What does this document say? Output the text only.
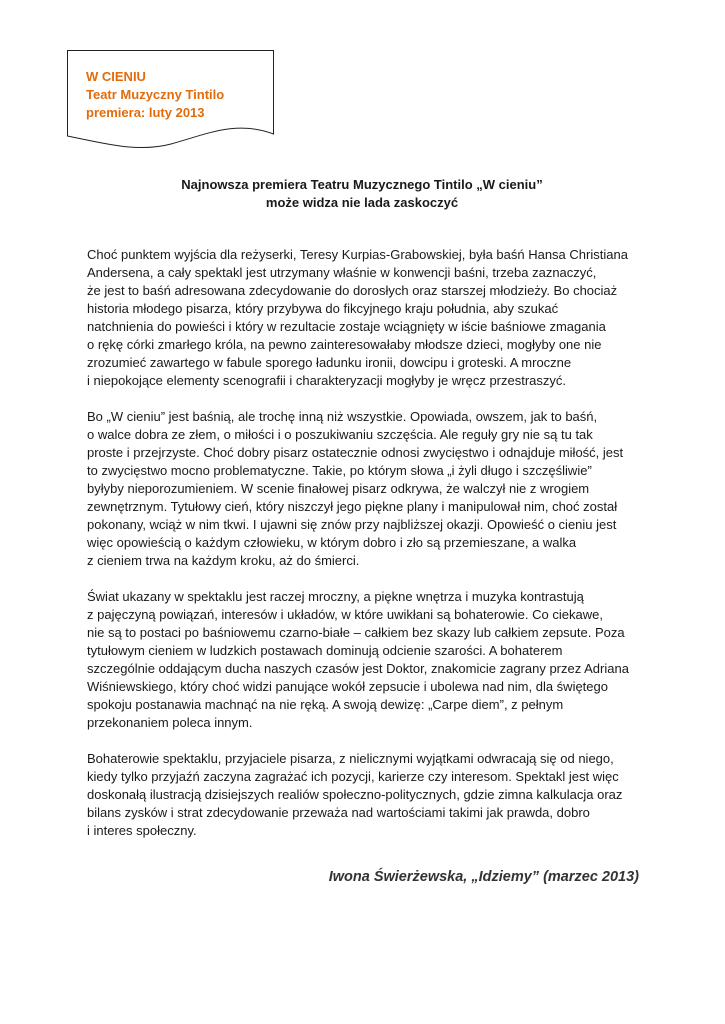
W CIENIU
Teatr Muzyczny Tintilo
premiera: luty 2013
Najnowsza premiera Teatru Muzycznego Tintilo „W cieniu”
może widza nie lada zaskoczyć

Choć punktem wyjścia dla reżyserki, Teresy Kurpias-Grabowskiej, była baśń Hansa Christiana
Andersena, a cały spektakl jest utrzymany właśnie w konwencji baśni, trzeba zaznaczyć,
że jest to baśń adresowana zdecydowanie do dorosłych oraz starszej młodzieży. Bo chociaż
historia młodego pisarza, który przybywa do fikcyjnego kraju południa, aby szukać
natchnienia do powieści i który w rezultacie zostaje wciągnięty w iście baśniowe zmagania
o rękę córki zmarłego króla, na pewno zainteresowałaby młodsze dzieci, mogłyby one nie
zrozumieć zawartego w fabule sporego ładunku ironii, dowcipu i groteski. A mroczne
i niepokojące elementy scenografii i charakteryzacji mogłyby je wręcz przestraszyć.

Bo „W cieniu” jest baśnią, ale trochę inną niż wszystkie. Opowiada, owszem, jak to baśń,
o walce dobra ze złem, o miłości i o poszukiwaniu szczęścia. Ale reguły gry nie są tu tak
proste i przejrzyste. Choć dobry pisarz ostatecznie odnosi zwycięstwo i odnajduje miłość, jest
to zwycięstwo mocno problematyczne. Takie, po którym słowa „i żyli długo i szczęśliwie”
byłyby nieporozumieniem. W scenie finałowej pisarz odkrywa, że walczył nie z wrogiem
zewnętrznym. Tytułowy cień, który niszczył jego piękne plany i manipulował nim, choć został
pokonany, wciąż w nim tkwi. I ujawni się znów przy najbliższej okazji. Opowieść o cieniu jest
więc opowieścią o każdym człowieku, w którym dobro i zło są przemieszane, a walka
z cieniem trwa na każdym kroku, aż do śmierci.

Świat ukazany w spektaklu jest raczej mroczny, a piękne wnętrza i muzyka kontrastują
z pajęczyną powiązań, interesów i układów, w które uwikłani są bohaterowie. Co ciekawe,
nie są to postaci po baśniowemu czarno-białe – całkiem bez skazy lub całkiem zepsute. Poza
tytułowym cieniem w ludzkich postawach dominują odcienie szarości. A bohaterem
szczególnie oddającym ducha naszych czasów jest Doktor, znakomicie zagrany przez Adriana
Wiśniewskiego, który choć widzi panujące wokół zepsucie i ubolewa nad nim, dla świętego
spokoju postanawia machnąć na nie ręką. A swoją dewizę: „Carpe diem”, z pełnym
przekonaniem poleca innym.

Bohaterowie spektaklu, przyjaciele pisarza, z nielicznymi wyjątkami odwracają się od niego,
kiedy tylko przyjaźń zaczyna zagrażać ich pozycji, karierze czy interesom. Spektakl jest więc
doskonałą ilustracją dzisiejszych realiów społeczno-politycznych, gdzie zimna kalkulacja oraz
bilans zysków i strat zdecydowanie przeważa nad wartościami takimi jak prawda, dobro
i interes społeczny.

Iwona Świerżewska, „Idziemy” (marzec 2013)
